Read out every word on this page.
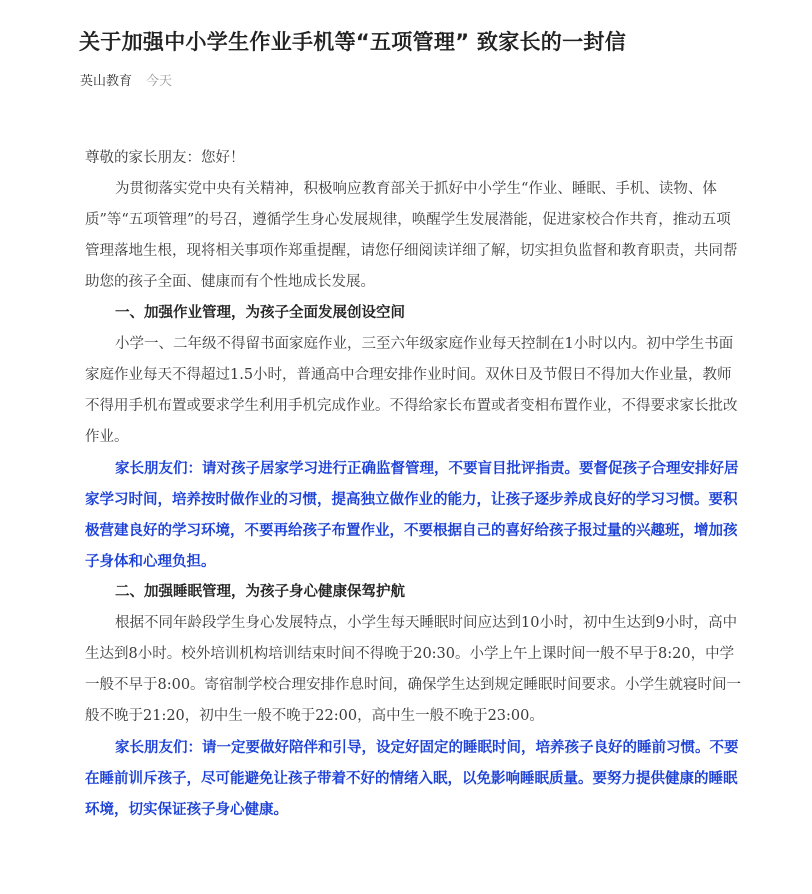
关于加强中小学生作业手机等“五项管理” 致家长的一封信
英山教育 今天

尊敬的家长朋友：您好！

为贯彻落实党中央有关精神，积极响应教育部关于抓好中小学生“作业、睡眠、手机、读物、体质”等“五项管理”的号召，遵循学生身心发展规律，唤醒学生发展潜能，促进家校合作共育，推动五项管理落地生根，现将相关事项作郑重提醒，请您仔细阅读详细了解，切实担负监督和教育职责，共同帮助您的孩子全面、健康而有个性地成长发展。

一、加强作业管理，为孩子全面发展创设空间

小学一、二年级不得留书面家庭作业，三至六年级家庭作业每天控制在1小时以内。初中学生书面家庭作业每天不得超过1.5小时，普通高中合理安排作业时间。双休日及节假日不得加大作业量，教师不得用手机布置或要求学生利用手机完成作业。不得给家长布置或者变相布置作业，不得要求家长批改作业。

家长朋友们：请对孩子居家学习进行正确监督管理，不要盲目批评指责。要督促孩子合理安排好居家学习时间，培养按时做作业的习惯，提高独立做作业的能力，让孩子逐步养成良好的学习习惯。要积极营建良好的学习环境，不要再给孩子布置作业，不要根据自己的喜好给孩子报过量的兴趣班，增加孩子身体和心理负担。

二、加强睡眠管理，为孩子身心健康保驾护航

根据不同年龄段学生身心发展特点，小学生每天睡眠时间应达到10小时，初中生达到9小时，高中生达到8小时。校外培训机构培训结束时间不得晚于20:30。小学上午上课时间一般不早于8:20，中学一般不早于8:00。寄宿制学校合理安排作息时间，确保学生达到规定睡眠时间要求。小学生就寝时间一般不晚于21:20，初中生一般不晚于22:00，高中生一般不晚于23:00。

家长朋友们：请一定要做好陪伴和引导，设定好固定的睡眠时间，培养孩子良好的睡前习惯。不要在睡前训斥孩子，尽可能避免让孩子带着不好的情绪入眠，以免影响睡眠质量。要努力提供健康的睡眠环境，切实保证孩子身心健康。
